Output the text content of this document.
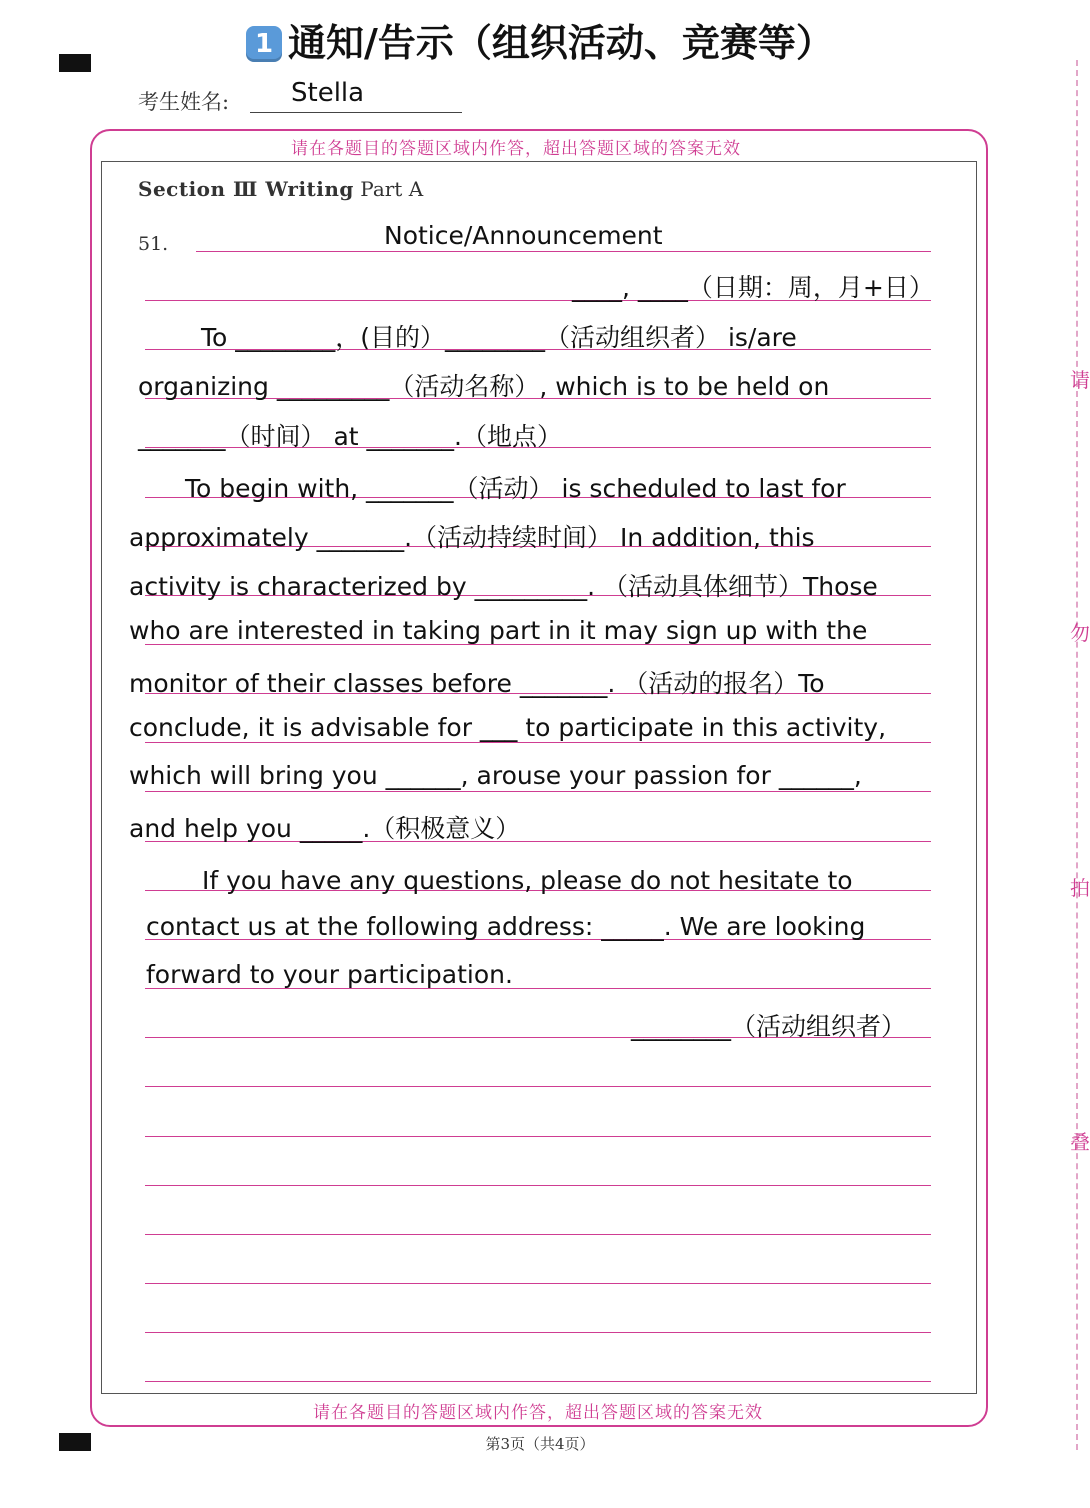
1 通知/告示（组织活动、竞赛等）
考生姓名: Stella
请在各题目的答题区域内作答，超出答题区域的答案无效
请在各题目的答题区域内作答，超出答题区域的答案无效
Section Ⅲ Writing Part A
51.	Notice/Announcement
____, ____（日期：周，月+日）
To ________，(目的）________（活动组织者） is/are
organizing _________（活动名称）, which is to be held on
_______（时间） at _______.（地点）
To begin with, _______（活动） is scheduled to last for
approximately _______.（活动持续时间） In addition, this
activity is characterized by _________. （活动具体细节）Those
who are interested in taking part in it may sign up with the
monitor of their classes before _______. （活动的报名）To
conclude, it is advisable for ___ to participate in this activity,
which will bring you ______, arouse your passion for ______,
and help you _____.（积极意义）
If you have any questions, please do not hesitate to
contact us at the following address: _____. We are looking
forward to your participation.
________（活动组织者）
第3页（共4页）
请
勿
拍
叠
